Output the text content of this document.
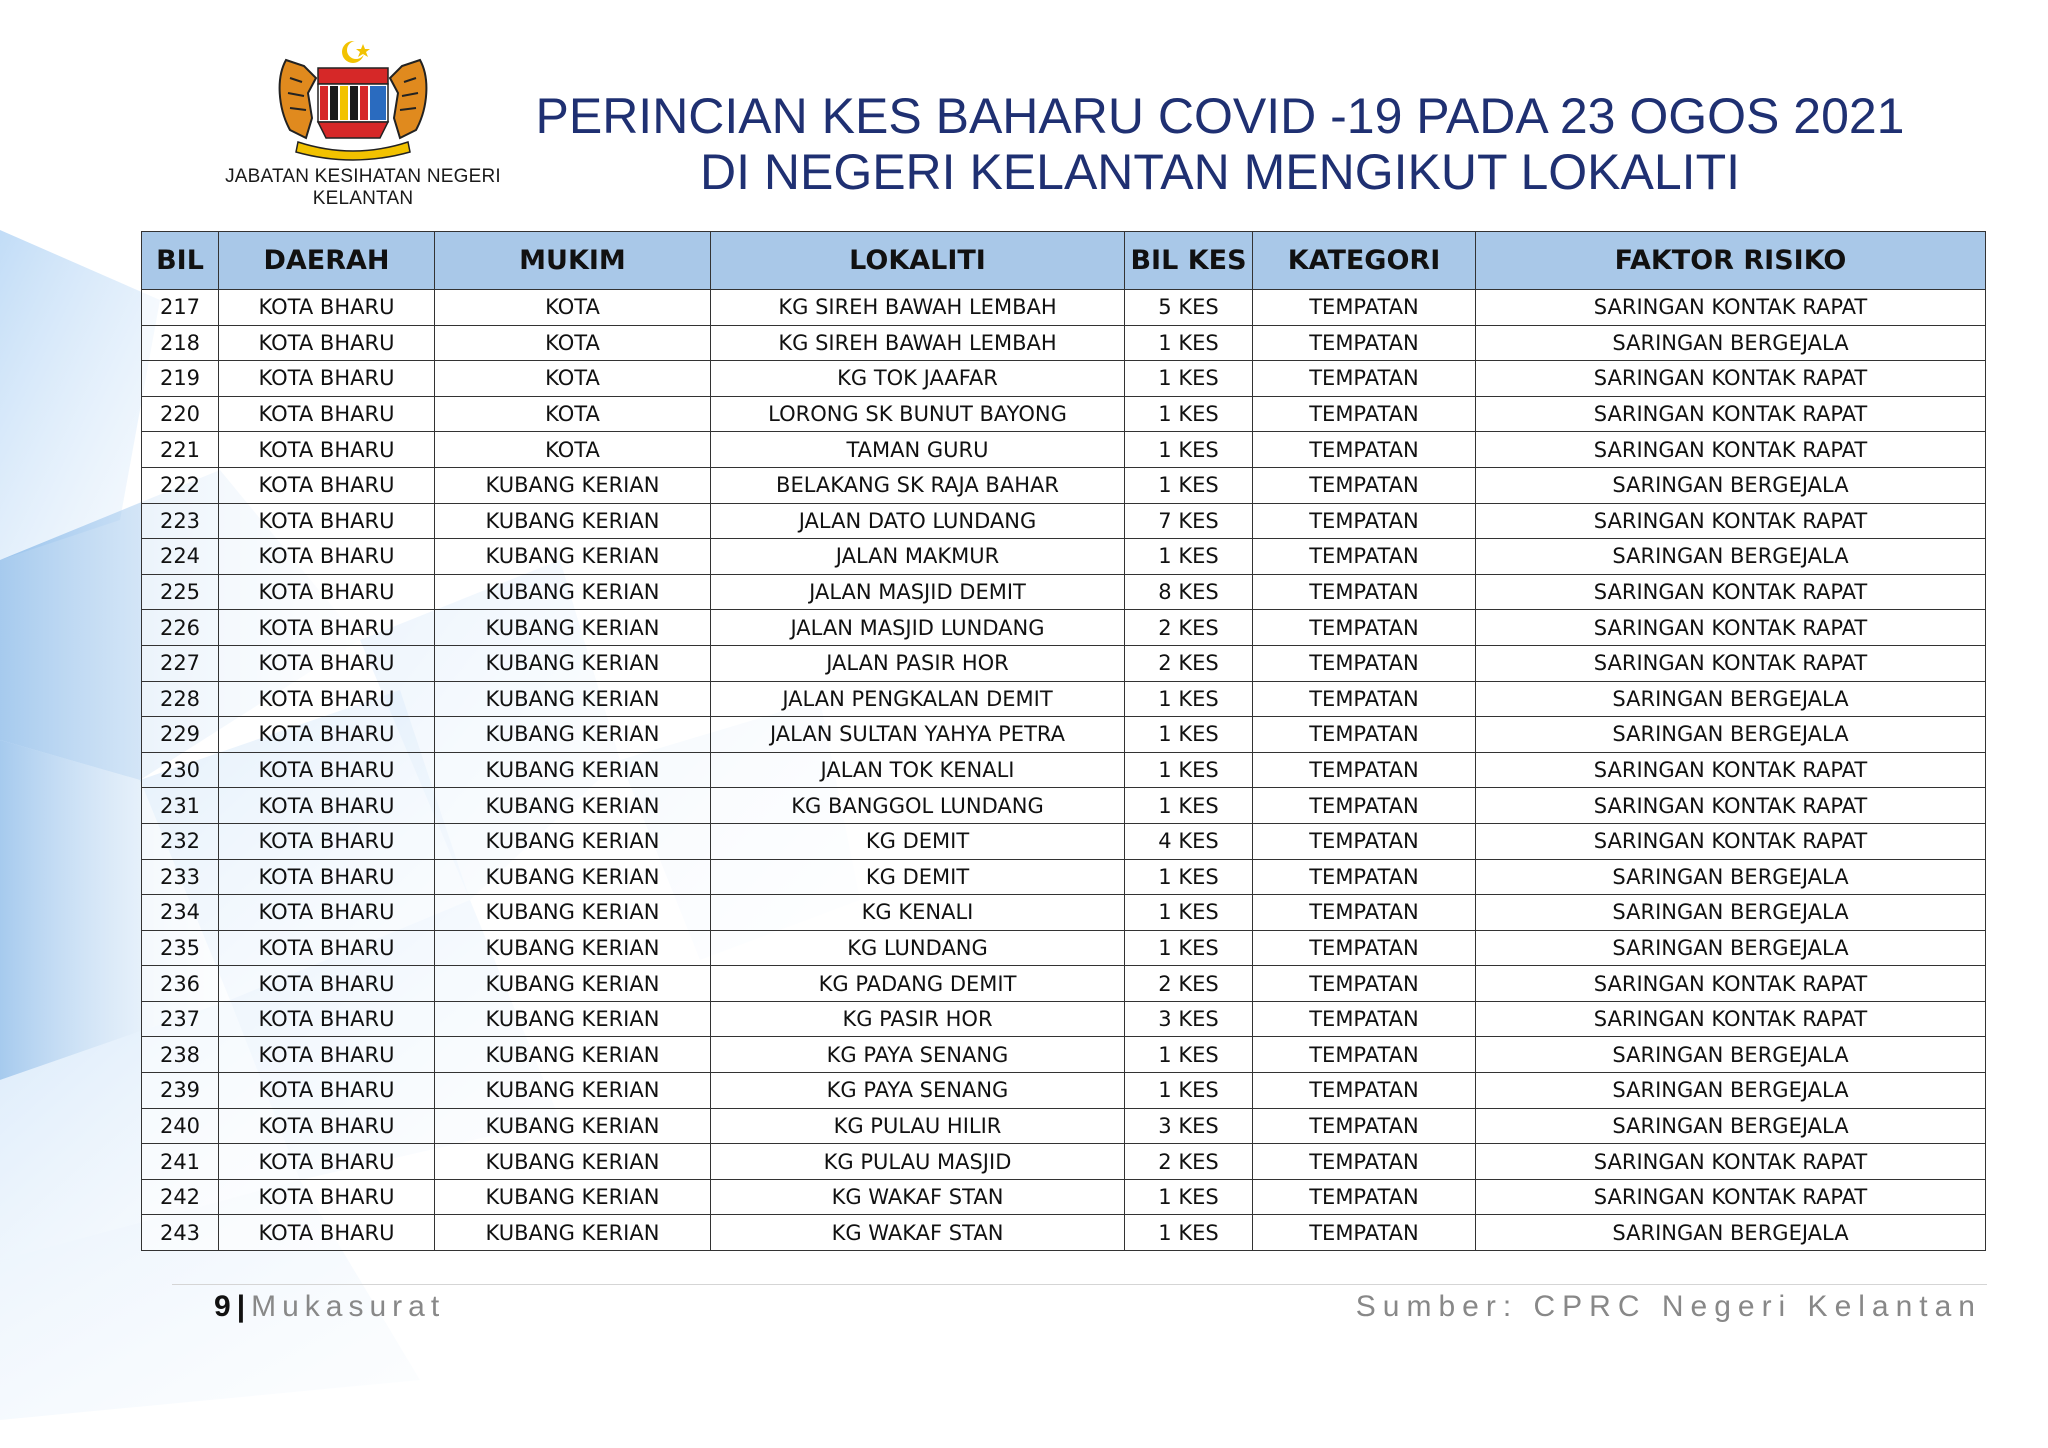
JABATAN KESIHATAN NEGERI KELANTAN
PERINCIAN KES BAHARU COVID -19 PADA 23 OGOS 2021
DI NEGERI KELANTAN MENGIKUT LOKALITI
BIL	DAERAH	MUKIM	LOKALITI	BIL KES	KATEGORI	FAKTOR RISIKO
217	KOTA BHARU	KOTA	KG SIREH BAWAH LEMBAH	5 KES	TEMPATAN	SARINGAN KONTAK RAPAT
218	KOTA BHARU	KOTA	KG SIREH BAWAH LEMBAH	1 KES	TEMPATAN	SARINGAN BERGEJALA
219	KOTA BHARU	KOTA	KG TOK JAAFAR	1 KES	TEMPATAN	SARINGAN KONTAK RAPAT
220	KOTA BHARU	KOTA	LORONG SK BUNUT BAYONG	1 KES	TEMPATAN	SARINGAN KONTAK RAPAT
221	KOTA BHARU	KOTA	TAMAN GURU	1 KES	TEMPATAN	SARINGAN KONTAK RAPAT
222	KOTA BHARU	KUBANG KERIAN	BELAKANG SK RAJA BAHAR	1 KES	TEMPATAN	SARINGAN BERGEJALA
223	KOTA BHARU	KUBANG KERIAN	JALAN DATO LUNDANG	7 KES	TEMPATAN	SARINGAN KONTAK RAPAT
224	KOTA BHARU	KUBANG KERIAN	JALAN MAKMUR	1 KES	TEMPATAN	SARINGAN BERGEJALA
225	KOTA BHARU	KUBANG KERIAN	JALAN MASJID DEMIT	8 KES	TEMPATAN	SARINGAN KONTAK RAPAT
226	KOTA BHARU	KUBANG KERIAN	JALAN MASJID LUNDANG	2 KES	TEMPATAN	SARINGAN KONTAK RAPAT
227	KOTA BHARU	KUBANG KERIAN	JALAN PASIR HOR	2 KES	TEMPATAN	SARINGAN KONTAK RAPAT
228	KOTA BHARU	KUBANG KERIAN	JALAN PENGKALAN DEMIT	1 KES	TEMPATAN	SARINGAN BERGEJALA
229	KOTA BHARU	KUBANG KERIAN	JALAN SULTAN YAHYA PETRA	1 KES	TEMPATAN	SARINGAN BERGEJALA
230	KOTA BHARU	KUBANG KERIAN	JALAN TOK KENALI	1 KES	TEMPATAN	SARINGAN KONTAK RAPAT
231	KOTA BHARU	KUBANG KERIAN	KG BANGGOL LUNDANG	1 KES	TEMPATAN	SARINGAN KONTAK RAPAT
232	KOTA BHARU	KUBANG KERIAN	KG DEMIT	4 KES	TEMPATAN	SARINGAN KONTAK RAPAT
233	KOTA BHARU	KUBANG KERIAN	KG DEMIT	1 KES	TEMPATAN	SARINGAN BERGEJALA
234	KOTA BHARU	KUBANG KERIAN	KG KENALI	1 KES	TEMPATAN	SARINGAN BERGEJALA
235	KOTA BHARU	KUBANG KERIAN	KG LUNDANG	1 KES	TEMPATAN	SARINGAN BERGEJALA
236	KOTA BHARU	KUBANG KERIAN	KG PADANG DEMIT	2 KES	TEMPATAN	SARINGAN KONTAK RAPAT
237	KOTA BHARU	KUBANG KERIAN	KG PASIR HOR	3 KES	TEMPATAN	SARINGAN KONTAK RAPAT
238	KOTA BHARU	KUBANG KERIAN	KG PAYA SENANG	1 KES	TEMPATAN	SARINGAN BERGEJALA
239	KOTA BHARU	KUBANG KERIAN	KG PAYA SENANG	1 KES	TEMPATAN	SARINGAN BERGEJALA
240	KOTA BHARU	KUBANG KERIAN	KG PULAU HILIR	3 KES	TEMPATAN	SARINGAN BERGEJALA
241	KOTA BHARU	KUBANG KERIAN	KG PULAU MASJID	2 KES	TEMPATAN	SARINGAN KONTAK RAPAT
242	KOTA BHARU	KUBANG KERIAN	KG WAKAF STAN	1 KES	TEMPATAN	SARINGAN KONTAK RAPAT
243	KOTA BHARU	KUBANG KERIAN	KG WAKAF STAN	1 KES	TEMPATAN	SARINGAN BERGEJALA
9 | Mukasurat	Sumber: CPRC Negeri Kelantan
